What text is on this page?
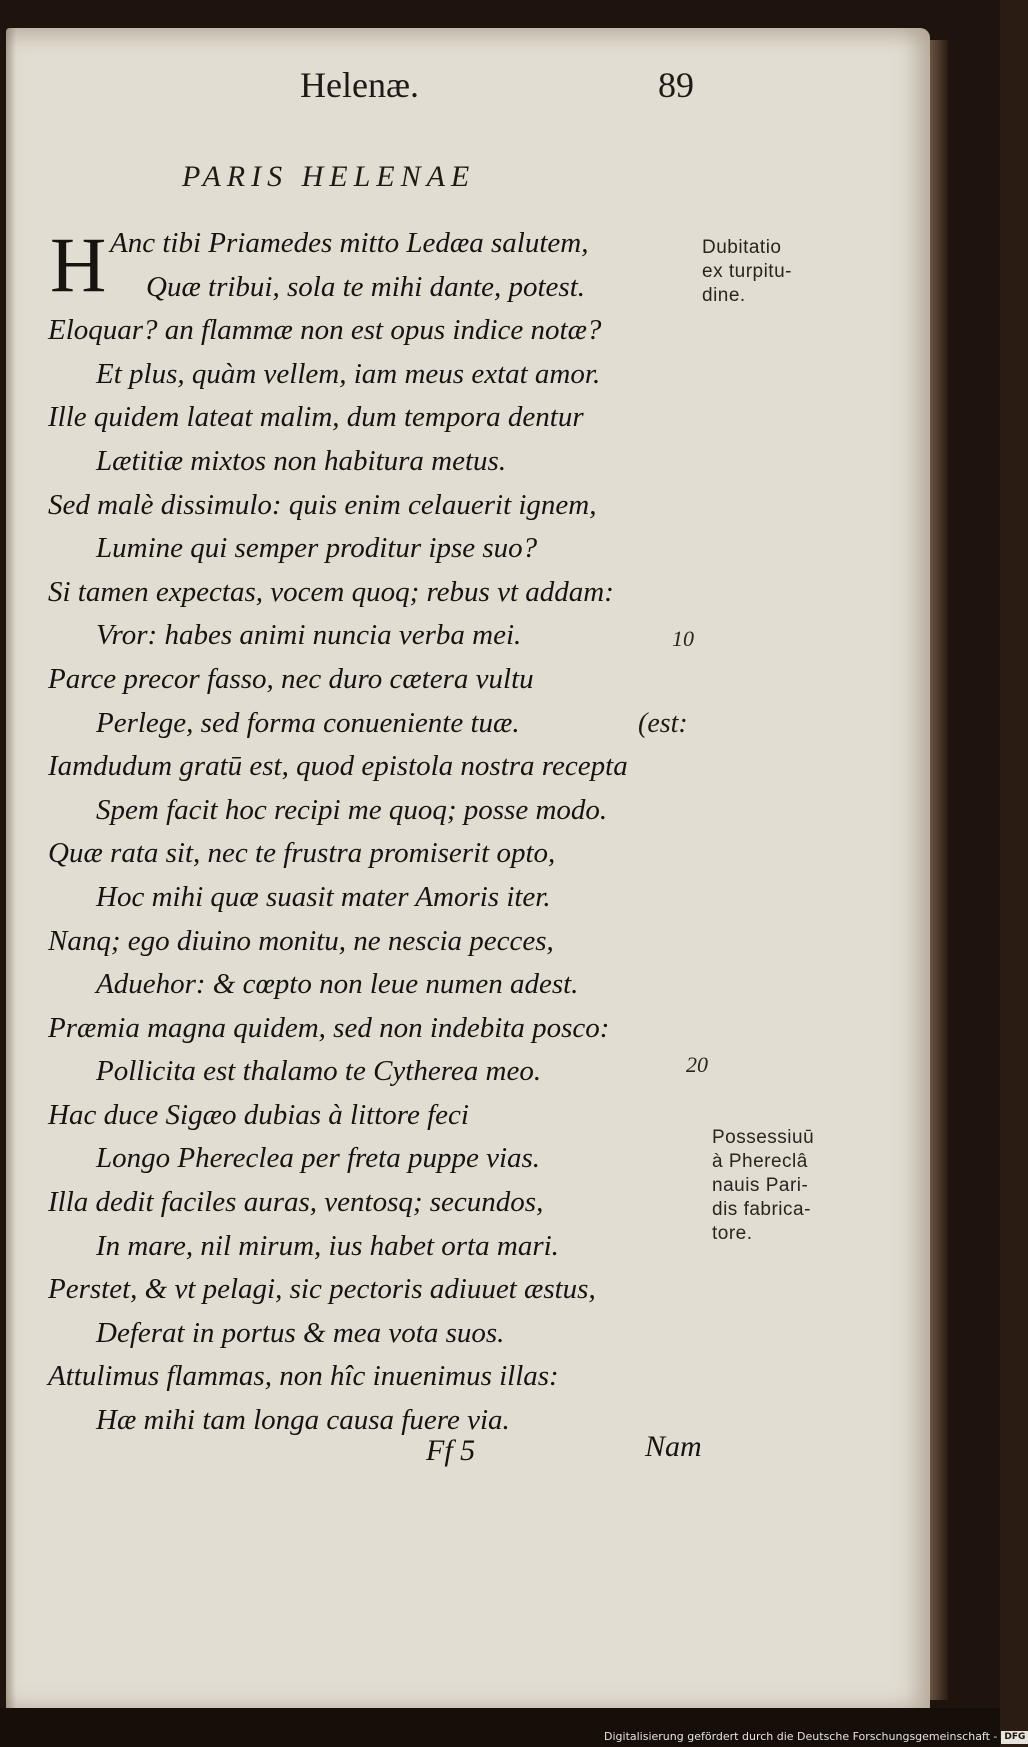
Helenæ.	89
PARIS HELENAE
H Anc tibi Priamedes mitto Ledæa salutem,
Quæ tribui, sola te mihi dante, potest.
Eloquar? an flammæ non est opus indice notæ?
Et plus, quàm vellem, iam meus extat amor.
Ille quidem lateat malim, dum tempora dentur
Lætitiæ mixtos non habitura metus.
Sed malè dissimulo: quis enim celauerit ignem,
Lumine qui semper proditur ipse suo?
Si tamen expectas, vocem quoq; rebus vt addam:
Vror: habes animi nuncia verba mei.
Parce precor fasso, nec duro cætera vultu
Perlege, sed forma conueniente tuæ.
Iamdudum gratū est, quod epistola nostra recepta
Spem facit hoc recipi me quoq; posse modo.
Quæ rata sit, nec te frustra promiserit opto,
Hoc mihi quæ suasit mater Amoris iter.
Nanq; ego diuino monitu, ne nescia pecces,
Aduehor: & cœpto non leue numen adest.
Præmia magna quidem, sed non indebita posco:
Pollicita est thalamo te Cytherea meo.
Hac duce Sigæo dubias à littore feci
Longo Phereclea per freta puppe vias.
Illa dedit faciles auras, ventosq; secundos,
In mare, nil mirum, ius habet orta mari.
Perstet, & vt pelagi, sic pectoris adiuuet æstus,
Deferat in portus & mea vota suos.
Attulimus flammas, non hîc inuenimus illas:
Hæ mihi tam longa causa fuere via.
Dubitatio
ex turpitu-
dine.
Possessiuū
à Phereclâ
nauis Pari-
dis fabrica-
tore.
10
20
(est:
Ff 5	Nam
Digitalisierung gefördert durch die Deutsche Forschungsgemeinschaft - DFG
